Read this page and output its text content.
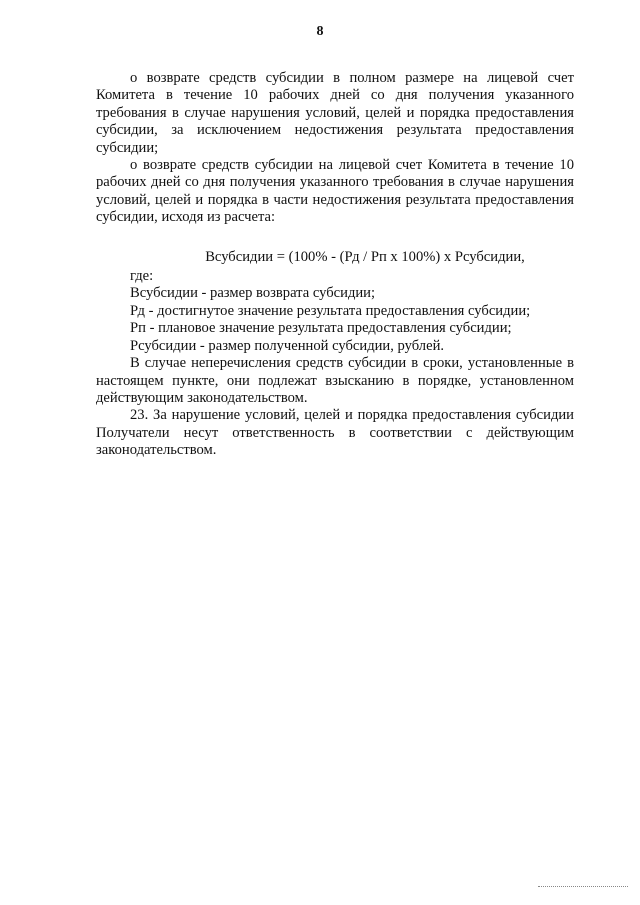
8

о возврате средств субсидии в полном размере на лицевой счет Комитета в течение 10 рабочих дней со дня получения указанного требования в случае нарушения условий, целей и порядка предоставления субсидии, за исключением недостижения результата предоставления субсидии;

о возврате средств субсидии на лицевой счет Комитета в течение 10 рабочих дней со дня получения указанного требования в случае нарушения условий, целей и порядка в части недостижения результата предоставления субсидии, исходя из расчета:

Всубсидии = (100% - (Рд / Рп х 100%) х Рсубсидии,

где:

Всубсидии - размер возврата субсидии;

Рд - достигнутое значение результата предоставления субсидии;

Рп - плановое значение результата предоставления субсидии;

Рсубсидии - размер полученной субсидии, рублей.

В случае неперечисления средств субсидии в сроки, установленные в настоящем пункте, они подлежат взысканию в порядке, установленном действующим законодательством.

23. За нарушение условий, целей и порядка предоставления субсидии Получатели несут ответственность в соответствии с действующим законодательством.
